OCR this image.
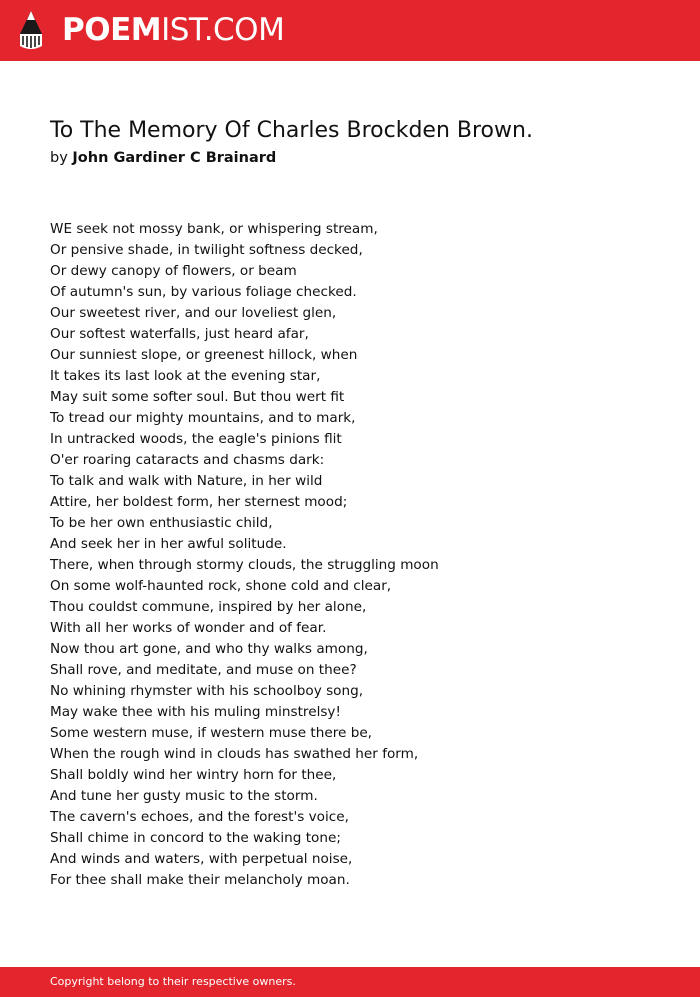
POEMIST.COM
To The Memory Of Charles Brockden Brown.
by John Gardiner C Brainard
WE seek not mossy bank, or whispering stream,
Or pensive shade, in twilight softness decked,
Or dewy canopy of flowers, or beam
Of autumn's sun, by various foliage checked.
Our sweetest river, and our loveliest glen,
Our softest waterfalls, just heard afar,
Our sunniest slope, or greenest hillock, when
It takes its last look at the evening star,
May suit some softer soul. But thou wert fit
To tread our mighty mountains, and to mark,
In untracked woods, the eagle's pinions flit
O'er roaring cataracts and chasms dark:
To talk and walk with Nature, in her wild
Attire, her boldest form, her sternest mood;
To be her own enthusiastic child,
And seek her in her awful solitude.
There, when through stormy clouds, the struggling moon
On some wolf-haunted rock, shone cold and clear,
Thou couldst commune, inspired by her alone,
With all her works of wonder and of fear.
Now thou art gone, and who thy walks among,
Shall rove, and meditate, and muse on thee?
No whining rhymster with his schoolboy song,
May wake thee with his muling minstrelsy!
Some western muse, if western muse there be,
When the rough wind in clouds has swathed her form,
Shall boldly wind her wintry horn for thee,
And tune her gusty music to the storm.
The cavern's echoes, and the forest's voice,
Shall chime in concord to the waking tone;
And winds and waters, with perpetual noise,
For thee shall make their melancholy moan.
Copyright belong to their respective owners.
